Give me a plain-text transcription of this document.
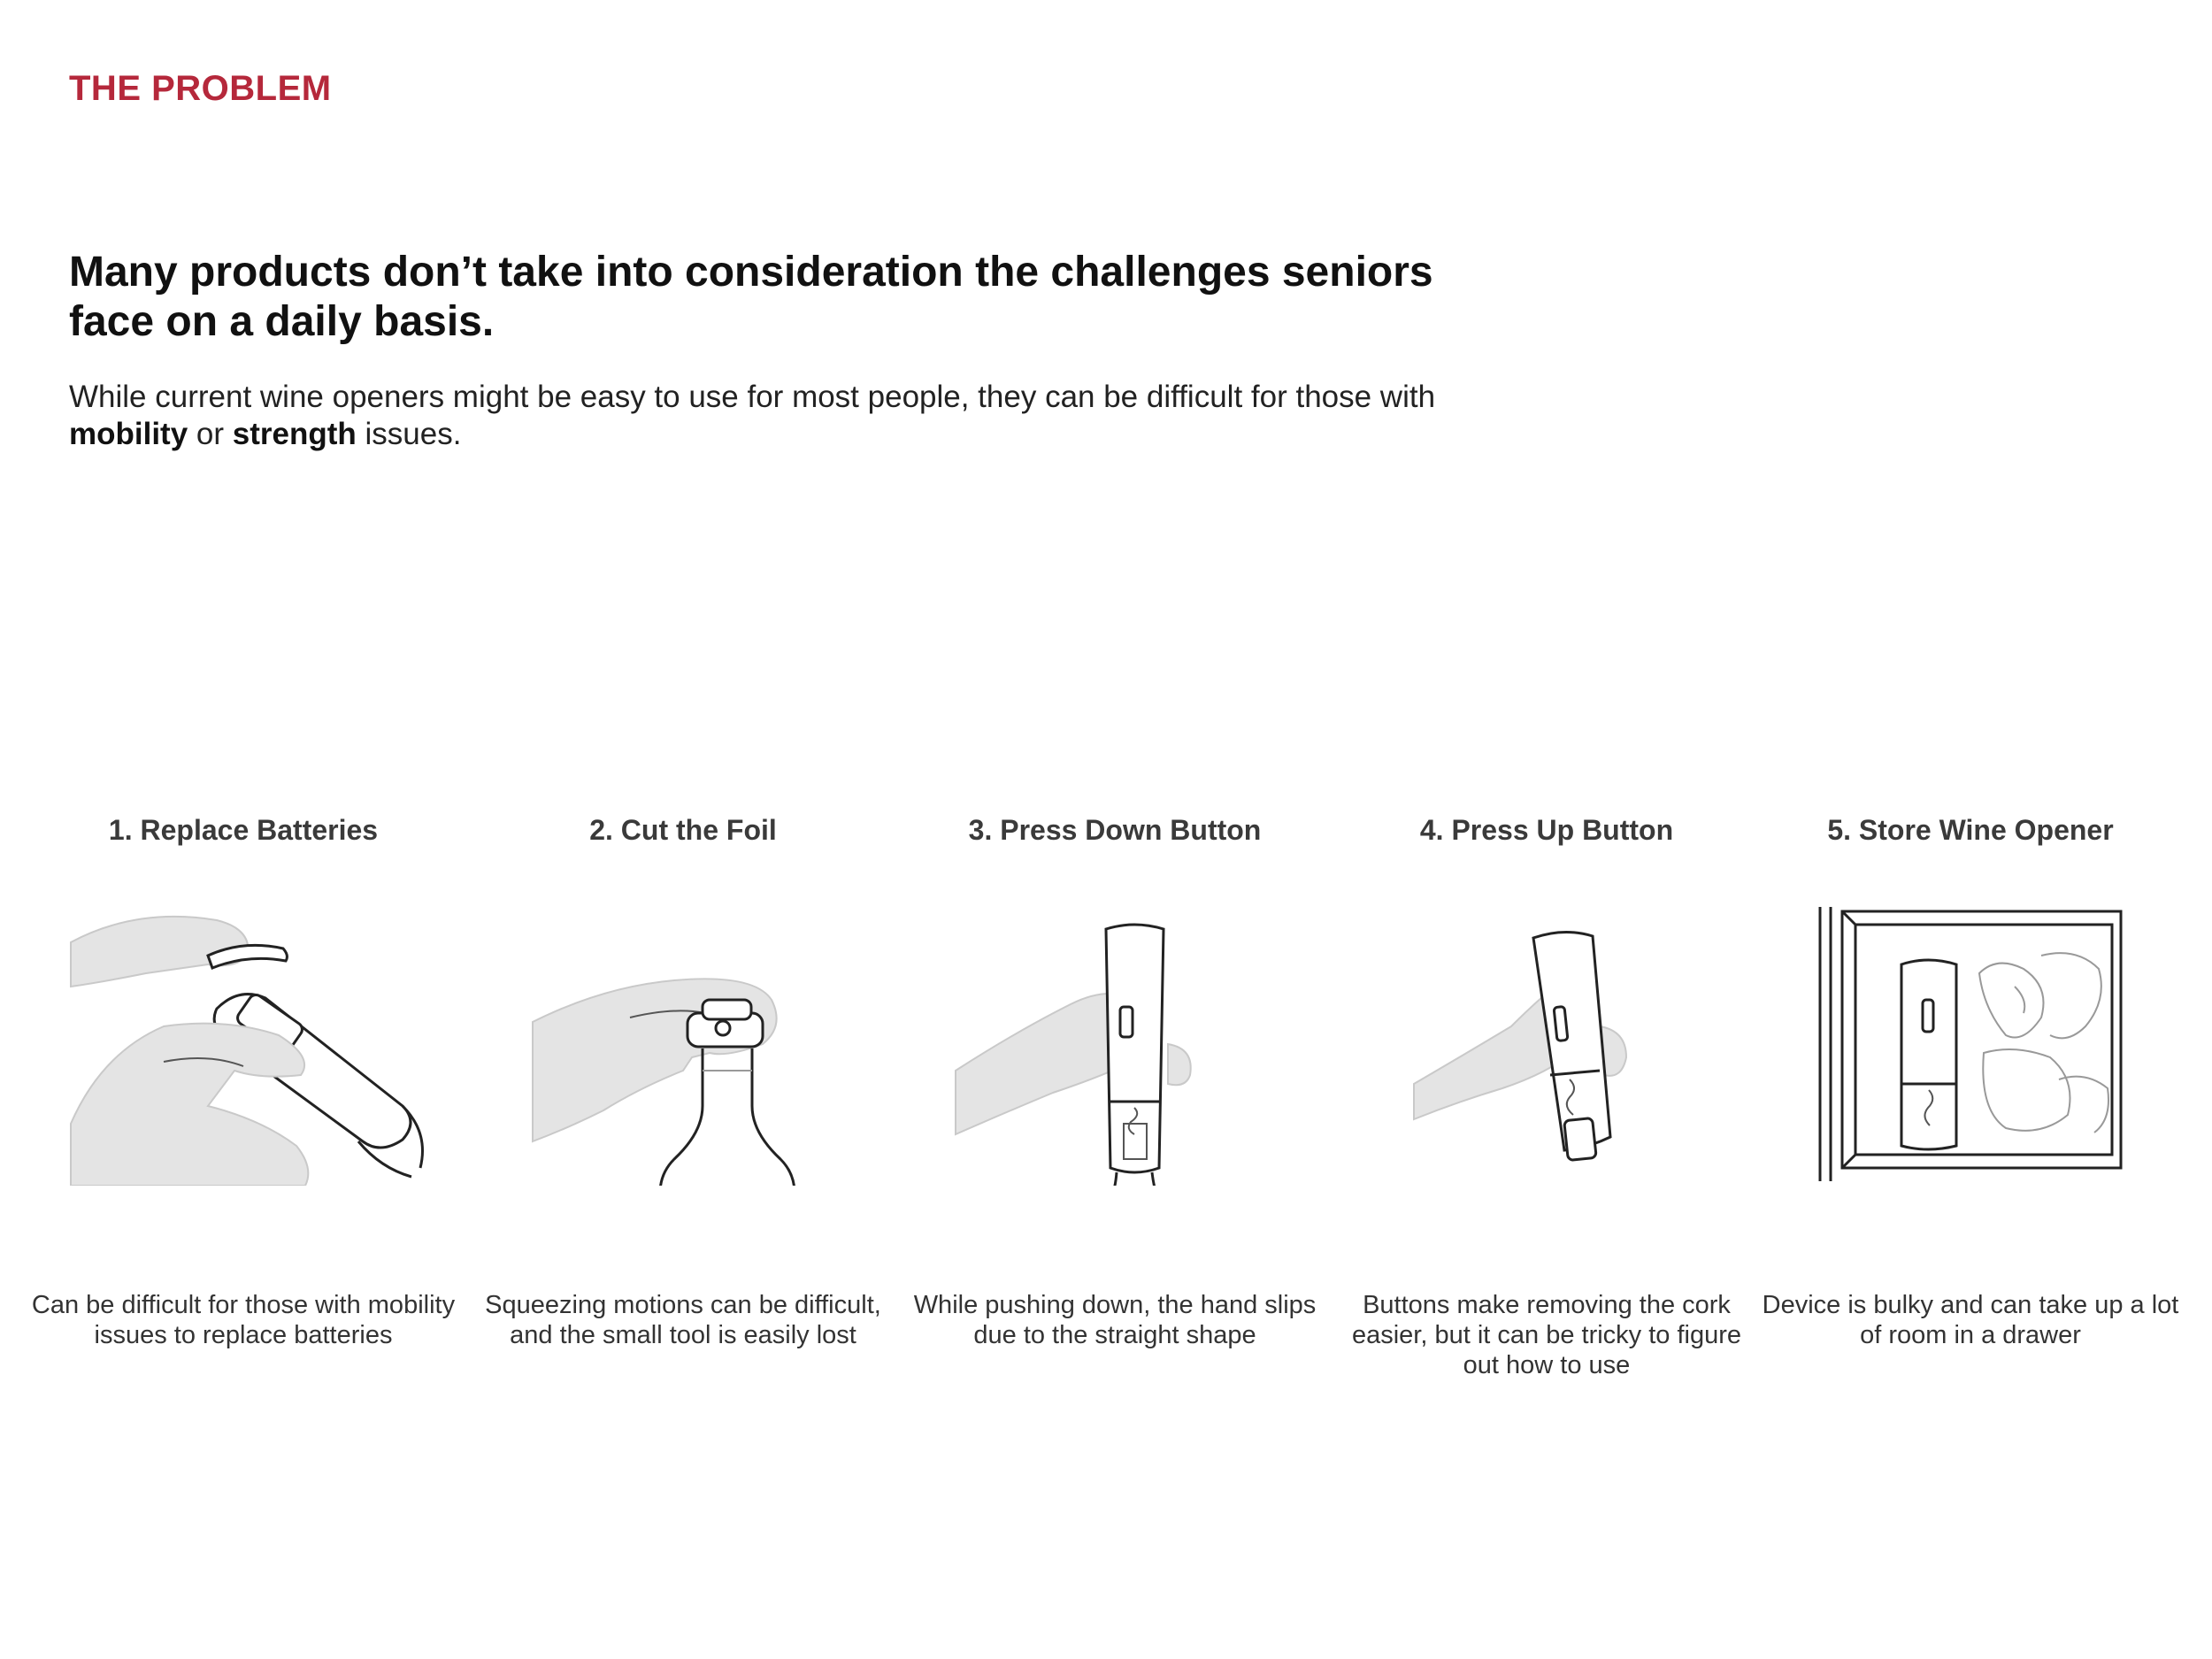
THE PROBLEM
Many products don’t take into consideration the challenges seniors face on a daily basis.
While current wine openers might be easy to use for most people, they can be difficult for those with mobility or strength issues.
1. Replace Batteries
Can be difficult for those with mobility issues to replace batteries
2. Cut the Foil
Squeezing motions can be difficult, and the small tool is easily lost
3. Press Down Button
While pushing down, the hand slips due to the straight shape
4. Press Up Button
Buttons make removing the cork easier, but it can be tricky to figure out how to use
5. Store Wine Opener
Device is bulky and can take up a lot of room in a drawer
